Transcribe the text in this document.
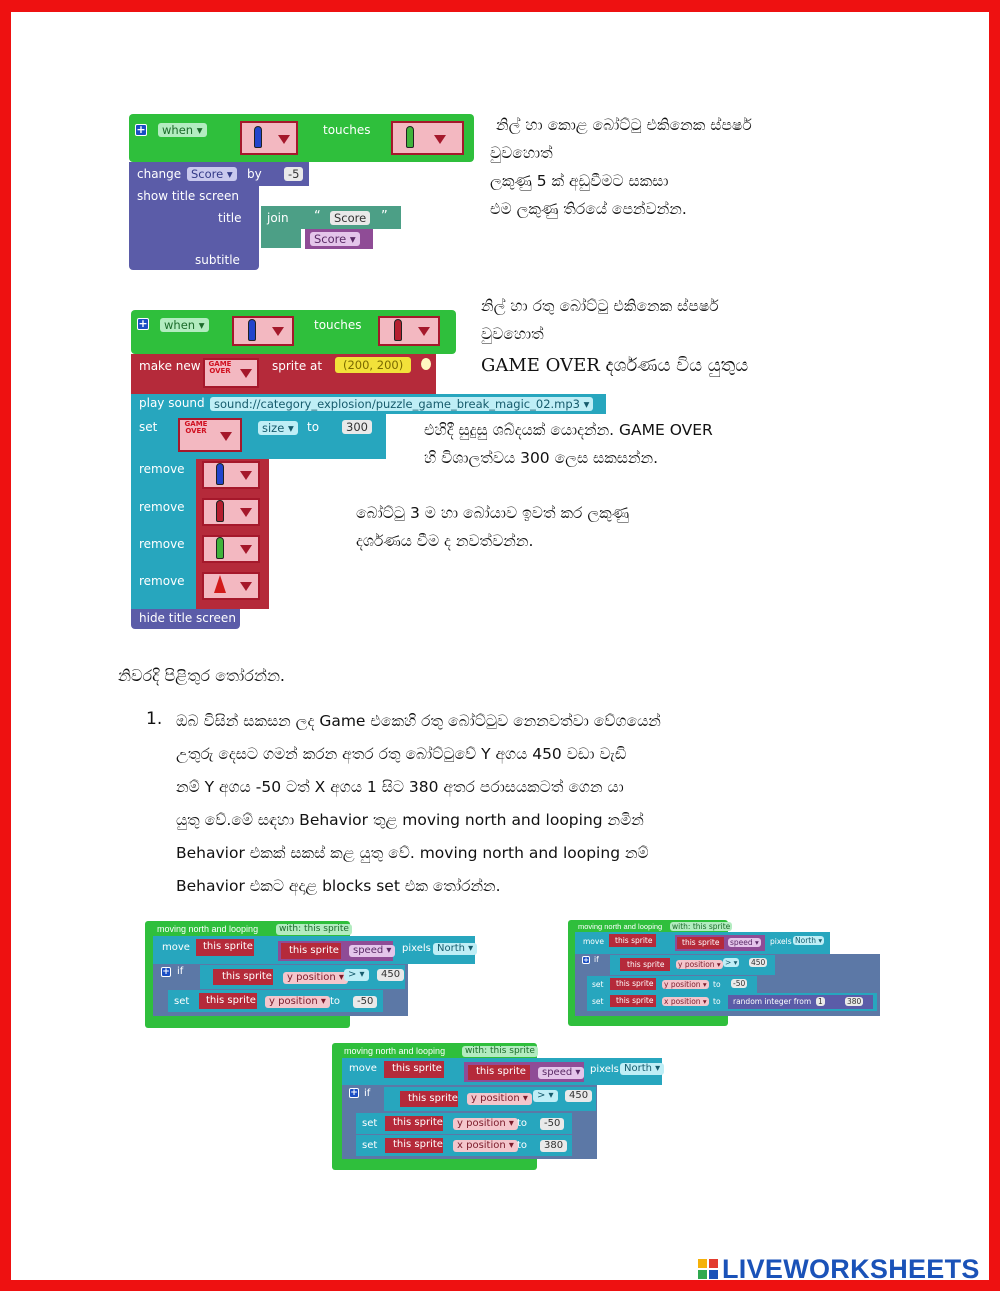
+	when ▾	touches
change Score ▾	by	-5
show title screen
title join “	Score	”
Score ▾
subtitle
නිල් හා කොළ බෝට්ටු එකිනෙක ස්පර්ෂ
වුවහොත්
ලකුණු 5 ක් අඩුවීමට සකසා
එම ලකුණු තිරයේ පෙන්වන්න.
+	when ▾	touches
make new	GAME OVER	sprite at	(200, 200)
play sound sound://category_explosion/puzzle_game_break_magic_02.mp3 ▾
set	GAME OVER	size ▾	to	300
remove
remove
remove
remove
hide title screen
නිල් හා රතු බෝට්ටු එකිනෙක ස්පර්ෂ
වුවහොත්
GAME OVER දර්ශණය විය යුතුය
එහිදී සුදුසු ශබ්දයක් යොදන්න. GAME OVER
හි විශාලත්වය 300 ලෙස සකසන්න.
බෝට්ටු 3 ම හා බෝයාව ඉවත් කර ලකුණු
දර්ශණය වීම ද නවත්වන්න.
නිවරදි පිළිතුර තෝරන්න.
1. ඔබ විසින් සකසන ලද Game එකෙහි රතු බෝට්ටුව නෙනවත්වා වේගයෙන්
උතුරු දෙසට ගමන් කරන අතර රතු බෝට්ටුවේ Y අගය 450 වඩා වැඩි
නම් Y අගය -50 ටත් X අගය 1 සිට 380 අතර පරාසයකටත් ගෙන යා
යුතු වේ.මේ සඳහා Behavior තුළ moving north and looping නමින්
Behavior එකක් සකස් කළ යුතු වේ. moving north and looping නම්
Behavior එකට අදාළ blocks set එක තෝරන්න.
moving north and looping	with: this sprite
move this sprite	this sprite	speed ▾	pixels North ▾
+ if	this sprite	y position ▾ > ▾	450
set this sprite	y position ▾ to	-50
moving north and looping with: this sprite
move this sprite	this sprite speed ▾ pixels North ▾
+ if
this sprite y position ▾ > ▾ 450
set this sprite y position ▾ to -50
set this sprite x position ▾ to random integer from 1	380
moving north and looping	with: this sprite
move this sprite	this sprite	speed ▾ pixels North ▾
+ if	this sprite	y position ▾ > ▾	450
set this sprite	y position ▾ to	-50
set this sprite	x position ▾ to	380
LIVEWORKSHEETS
